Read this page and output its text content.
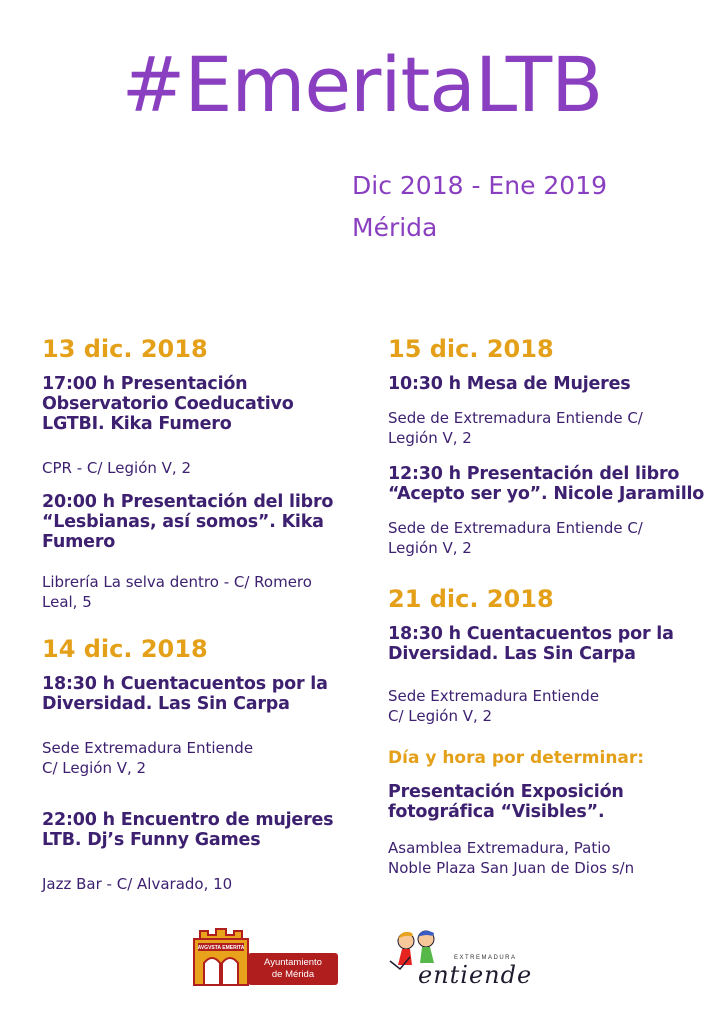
#EmeritaLTB
Dic 2018 - Ene 2019
Mérida
13 dic. 2018
17:00 h Presentación Observatorio Coeducativo LGTBI. Kika Fumero
CPR - C/ Legión V, 2
20:00 h Presentación del libro “Lesbianas, así somos”. Kika Fumero
Librería La selva dentro - C/ Romero Leal, 5
14 dic. 2018
18:30 h Cuentacuentos por la Diversidad. Las Sin Carpa
Sede Extremadura Entiende C/ Legión V, 2
22:00 h Encuentro de mujeres LTB. Dj’s Funny Games
Jazz Bar - C/ Alvarado, 10
15 dic. 2018
10:30 h Mesa de Mujeres
Sede de Extremadura Entiende C/ Legión V, 2
12:30 h Presentación del libro “Acepto ser yo”. Nicole Jaramillo
Sede de Extremadura Entiende C/ Legión V, 2
21 dic. 2018
18:30 h Cuentacuentos por la Diversidad. Las Sin Carpa
Sede Extremadura Entiende C/ Legión V, 2
Día y hora por determinar:
Presentación Exposición fotográfica “Visibles”.
Asamblea Extremadura, Patio Noble Plaza San Juan de Dios s/n
AVGVSTA EMERITA
Ayuntamiento
de Mérida
EXTREMADURA
entiende
